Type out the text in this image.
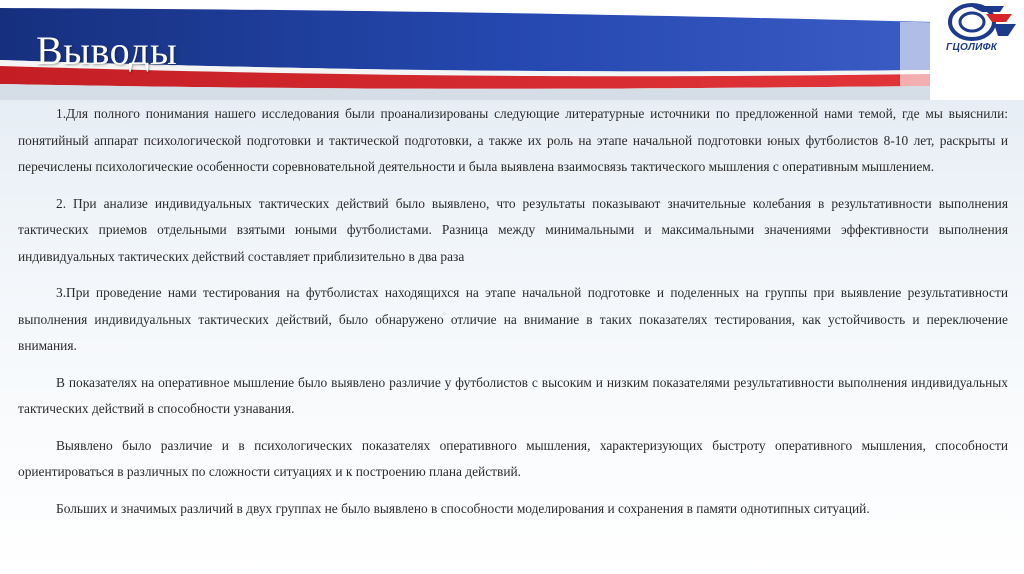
Выводы	ГЦОЛИФК

1.Для полного понимания нашего исследования были проанализированы следующие литературные источники по предложенной нами темой, где мы выяснили: понятийный аппарат психологической подготовки и тактической подготовки, а также их роль на этапе начальной подготовки юных футболистов 8-10 лет, раскрыты и перечислены психологические особенности соревновательной деятельности и была выявлена взаимосвязь тактического мышления с оперативным мышлением.

2. При анализе индивидуальных тактических действий было выявлено, что результаты показывают значительные колебания в результативности выполнения тактических приемов отдельными взятыми юными футболистами. Разница между минимальными и максимальными значениями эффективности выполнения индивидуальных тактических действий составляет приблизительно в два раза

3.При проведение нами тестирования на футболистах находящихся на этапе начальной подготовке и поделенных на группы при выявление результативности выполнения индивидуальных тактических действий, было обнаружено отличие на внимание в таких показателях тестирования, как устойчивость и переключение внимания.

В показателях на оперативное мышление было выявлено различие у футболистов с высоким и низким показателями результативности выполнения индивидуальных тактических действий в способности узнавания.

Выявлено было различие и в психологических показателях оперативного мышления, характеризующих быстроту оперативного мышления, способности ориентироваться в различных по сложности ситуациях и к построению плана действий.

Больших и значимых различий в двух группах не было выявлено в способности моделирования и сохранения в памяти однотипных ситуаций.
